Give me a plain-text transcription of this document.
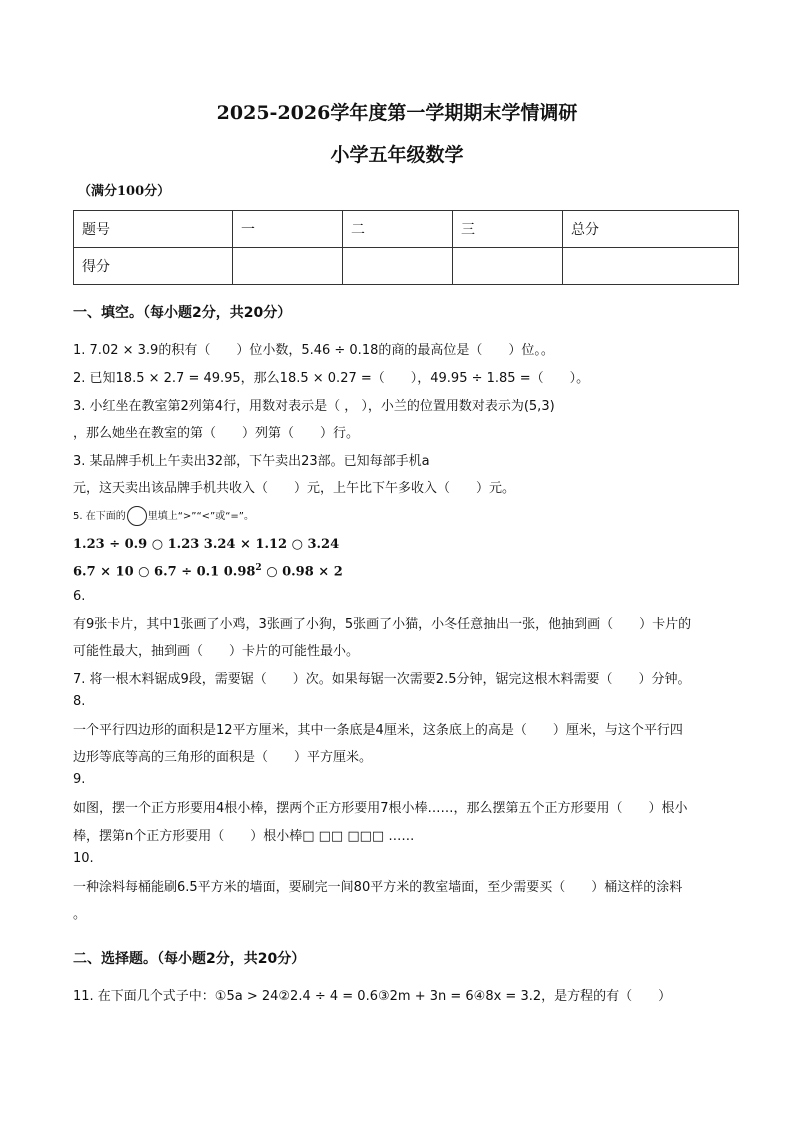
2025-2026学年度第一学期期末学情调研
小学五年级数学
（满分100分）
题号	一	二	三	总分
得分				
一、填空。（每小题2分，共20分）
1. 7.02 × 3.9的积有（　　）位小数，5.46 ÷ 0.18的商的最高位是（　　）位。。
2. 已知18.5 × 2.7 = 49.95，那么18.5 × 0.27 =（　　），49.95 ÷ 1.85 =（　　）。
3. 小红坐在教室第2列第4行，用数对表示是（ ， ），小兰的位置用数对表示为(5,3)
，那么她坐在教室的第（　　）列第（　　）行。
3. 某品牌手机上午卖出32部，下午卖出23部。已知每部手机a
元，这天卖出该品牌手机共收入（　　）元，上午比下午多收入（　　）元。
5. 在下面的 里填上“>”“<”或“=”。
1.23 ÷ 0.9 ○ 1.23 3.24 × 1.12 ○ 3.24
6.7 × 10 ○ 6.7 ÷ 0.1 0.98$^2$ ○ 0.98 × 2
6.
有9张卡片，其中1张画了小鸡，3张画了小狗，5张画了小猫，小冬任意抽出一张，他抽到画（　　）卡片的
可能性最大，抽到画（　　）卡片的可能性最小。
7. 将一根木料锯成9段，需要锯（　　）次。如果每锯一次需要2.5分钟，锯完这根木料需要（　　）分钟。
8.
一个平行四边形的面积是12平方厘米，其中一条底是4厘米，这条底上的高是（　　）厘米，与这个平行四
边形等底等高的三角形的面积是（　　）平方厘米。
9.
如图，摆一个正方形要用4根小棒，摆两个正方形要用7根小棒……，那么摆第五个正方形要用（　　）根小
棒，摆第n个正方形要用（　　）根小棒□ □□ □□□ ……
10.
一种涂料每桶能刷6.5平方米的墙面，要刷完一间80平方米的教室墙面，至少需要买（　　）桶这样的涂料
。
二、选择题。（每小题2分，共20分）
11. 在下面几个式子中：①5a > 24②2.4 ÷ 4 = 0.6③2m + 3n = 6④8x = 3.2，是方程的有（　　）
